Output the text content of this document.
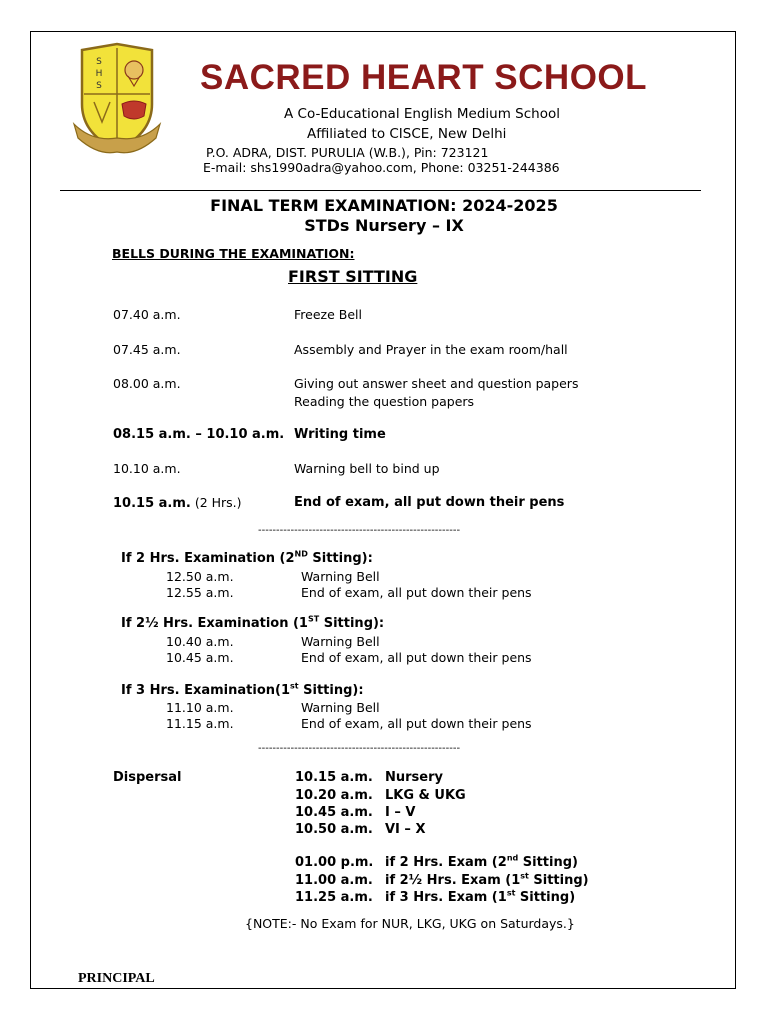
S
H
S	SACRED HEART SCHOOL
A Co-Educational English Medium School
Affiliated to CISCE, New Delhi
P.O. ADRA, DIST. PURULIA (W.B.), Pin: 723121
E-mail: shs1990adra@yahoo.com, Phone: 03251-244386
FINAL TERM EXAMINATION: 2024-2025
STDs Nursery – IX
BELLS DURING THE EXAMINATION:
FIRST SITTING
07.40 a.m.	Freeze Bell
07.45 a.m.	Assembly and Prayer in the exam room/hall
08.00 a.m.	Giving out answer sheet and question papers
Reading the question papers
08.15 a.m. – 10.10 a.m. Writing time
10.10 a.m.	Warning bell to bind up
10.15 a.m. (2 Hrs.)	End of exam, all put down their pens
--------------------------------------------------------
If 2 Hrs. Examination (2ND Sitting):
12.50 a.m.	Warning Bell
12.55 a.m.	End of exam, all put down their pens
If 2½ Hrs. Examination (1ST Sitting):
10.40 a.m.	Warning Bell
10.45 a.m.	End of exam, all put down their pens
If 3 Hrs. Examination(1st Sitting):
11.10 a.m.	Warning Bell
11.15 a.m.	End of exam, all put down their pens
--------------------------------------------------------
Dispersal	10.15 a.m. Nursery
10.20 a.m. LKG & UKG
10.45 a.m. I – V
10.50 a.m. VI – X
01.00 p.m. if 2 Hrs. Exam (2nd Sitting)
11.00 a.m. if 2½ Hrs. Exam (1st Sitting)
11.25 a.m. if 3 Hrs. Exam (1st Sitting)
{NOTE:- No Exam for NUR, LKG, UKG on Saturdays.}
PRINCIPAL
